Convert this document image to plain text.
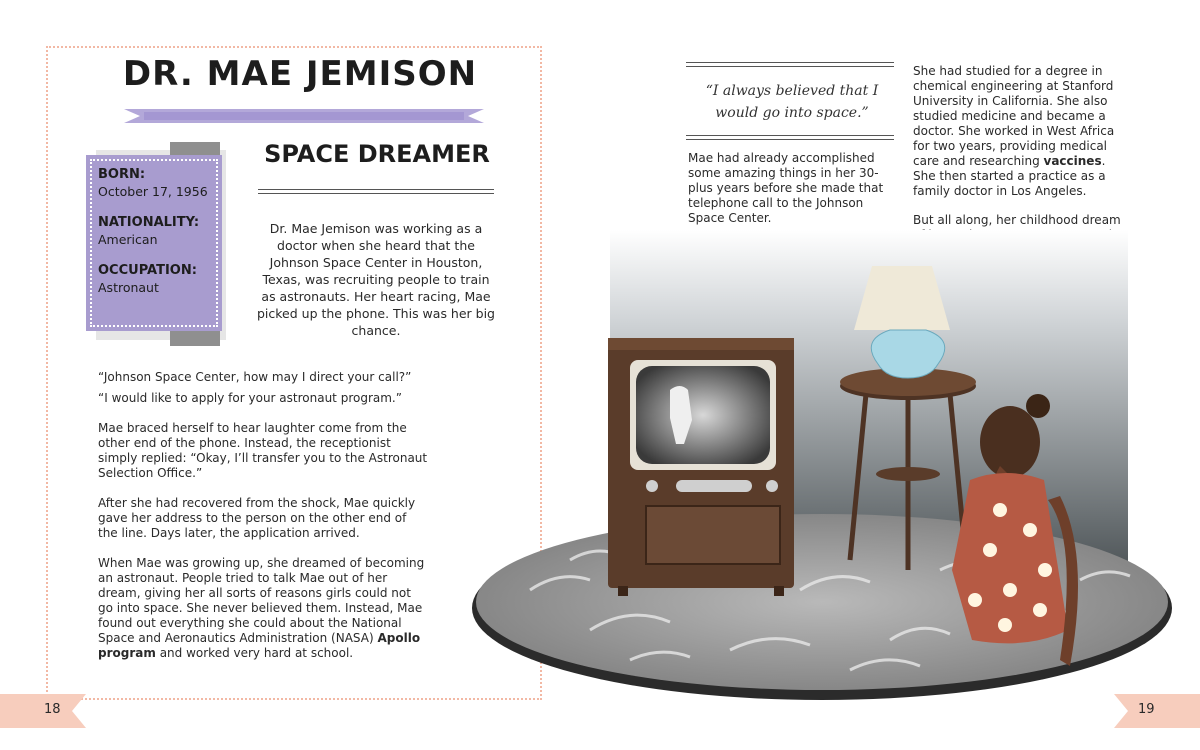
DR. MAE JEMISON

BORN:

October 17, 1956

NATIONALITY:

American

OCCUPATION:

Astronaut

SPACE DREAMER
Dr. Mae Jemison was working as a doctor when she heard that the Johnson Space Center in Houston, Texas, was recruiting people to train as astronauts. Her heart racing, Mae picked up the phone. This was her big chance.

“Johnson Space Center, how may I direct your call?”

“I would like to apply for your astronaut program.”

Mae braced herself to hear laughter come from the other end of the phone. Instead, the receptionist simply replied: “Okay, I’ll transfer you to the Astronaut Selection Office.”

After she had recovered from the shock, Mae quickly gave her address to the person on the other end of the line. Days later, the application arrived.

When Mae was growing up, she dreamed of becoming an astronaut. People tried to talk Mae out of her dream, giving her all sorts of reasons girls could not go into space. She never believed them. Instead, Mae found out everything she could about the National Space and Aeronautics Administration (NASA) Apollo program and worked very hard at school.

“I always believed that I would go into space.”
Mae had already accomplished some amazing things in her 30-plus years before she made that telephone call to the Johnson Space Center.

She had studied for a degree in chemical engineering at Stanford University in California. She also studied medicine and became a doctor. She worked in West Africa for two years, providing medical care and researching vaccines. She then started a practice as a family doctor in Los Angeles.

But all along, her childhood dream

18	19
